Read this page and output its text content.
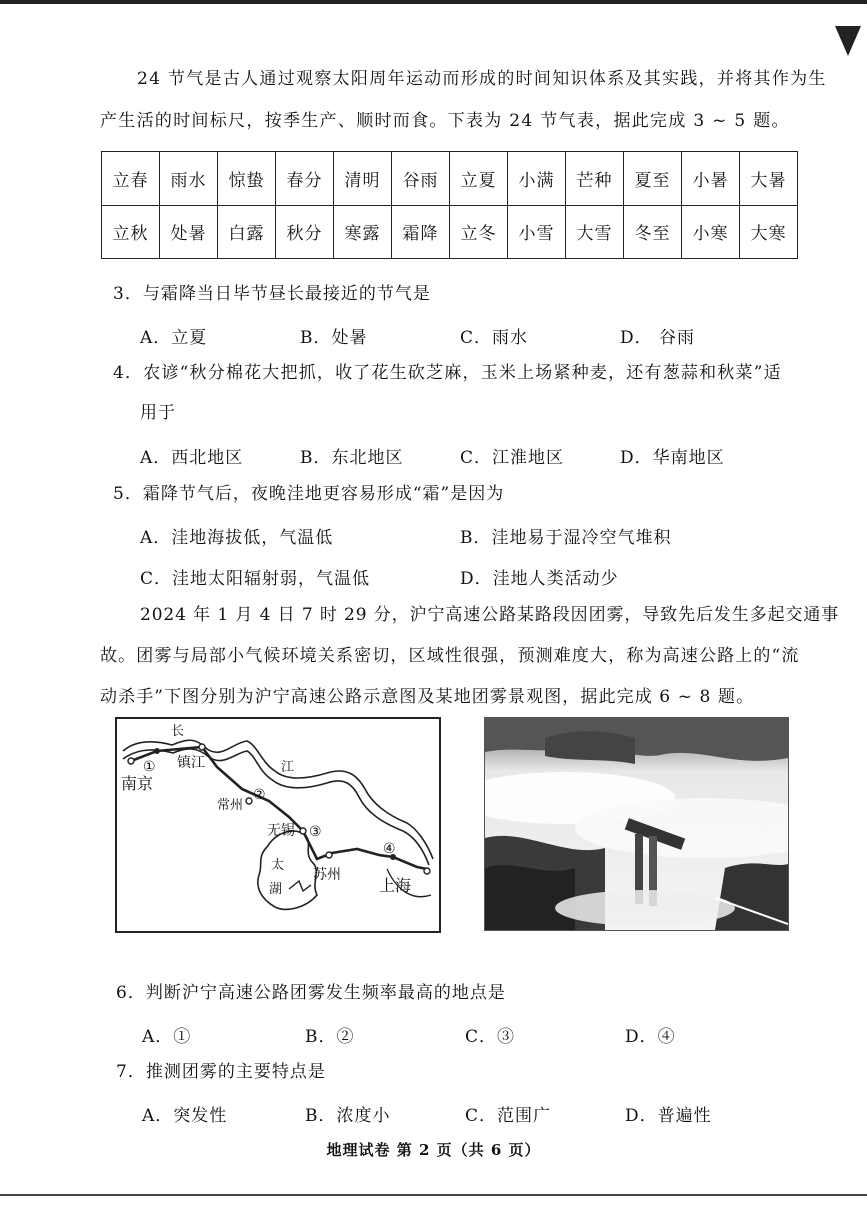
24 节气是古人通过观察太阳周年运动而形成的时间知识体系及其实践，并将其作为生
产生活的时间标尺，按季生产、顺时而食。下表为 24 节气表，据此完成 3 ~ 5 题。
立春	雨水	惊蛰	春分	清明	谷雨	立夏	小满	芒种	夏至	小暑	大暑
立秋	处暑	白露	秋分	寒露	霜降	立冬	小雪	大雪	冬至	小寒	大寒
3．与霜降当日毕节昼长最接近的节气是
A．立夏	B．处暑	C．雨水	D． 谷雨
4．农谚“秋分棉花大把抓，收了花生砍芝麻，玉米上场紧种麦，还有葱蒜和秋菜”适
用于
A．西北地区	B．东北地区	C．江淮地区	D．华南地区
5．霜降节气后，夜晚洼地更容易形成“霜”是因为
A．洼地海拔低，气温低	B．洼地易于湿冷空气堆积
C．洼地太阳辐射弱，气温低	D．洼地人类活动少
2024 年 1 月 4 日 7 时 29 分，沪宁高速公路某路段因团雾，导致先后发生多起交通事
故。团雾与局部小气候环境关系密切，区域性很强，预测难度大，称为高速公路上的“流
动杀手”下图分别为沪宁高速公路示意图及某地团雾景观图，据此完成 6 ~ 8 题。
南京
镇江
常州
无锡
苏州
上海
长
江
太
湖
①
②
③
④
6．判断沪宁高速公路团雾发生频率最高的地点是
A．①	B．②	C．③	D．④
7．推测团雾的主要特点是
A．突发性	B．浓度小	C．范围广	D．普遍性
地理试卷 第 2 页（共 6 页）
